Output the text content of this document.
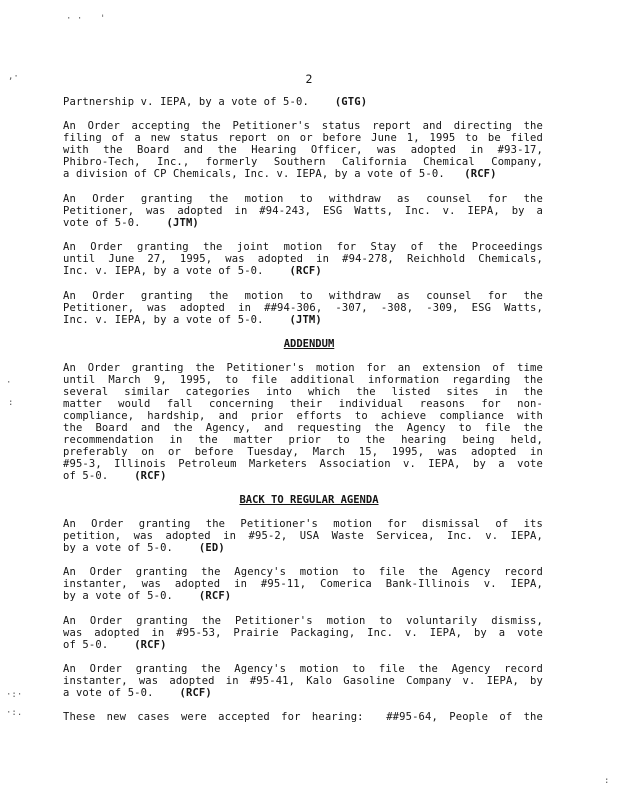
· · '
,·
·
:
·:·
·:.
:
2
Partnership v. IEPA, by a vote of 5-0.    (GTG)
An Order accepting the Petitioner's status report and directing the
filing of a new status report on or before June 1, 1995 to be filed
with the Board and the Hearing Officer, was adopted in #93-17,
Phibro-Tech, Inc., formerly Southern California Chemical Company,
a division of CP Chemicals, Inc. v. IEPA, by a vote of 5-0.   (RCF)
An Order granting the motion to withdraw as counsel for the
Petitioner, was adopted in #94-243, ESG Watts, Inc. v. IEPA, by a
vote of 5-0.    (JTM)
An Order granting the joint motion for Stay of the Proceedings
until June 27, 1995, was adopted in #94-278, Reichhold Chemicals,
Inc. v. IEPA, by a vote of 5-0.    (RCF)
An Order granting the motion to withdraw as counsel for the
Petitioner, was adopted in ##94-306, -307, -308, -309, ESG Watts,
Inc. v. IEPA, by a vote of 5-0.    (JTM)
ADDENDUM
An Order granting the Petitioner's motion for an extension of time
until March 9, 1995, to file additional information regarding the
several similar categories into which the listed sites in the
matter would fall concerning their individual reasons for non-
compliance, hardship, and prior efforts to achieve compliance with
the Board and the Agency, and requesting the Agency to file the
recommendation in the matter prior to the hearing being held,
preferably on or before Tuesday, March 15, 1995, was adopted in
#95-3, Illinois Petroleum Marketers Association v. IEPA, by a vote
of 5-0.    (RCF)
BACK TO REGULAR AGENDA
An Order granting the Petitioner's motion for dismissal of its
petition, was adopted in #95-2, USA Waste Servicea, Inc. v. IEPA,
by a vote of 5-0.    (ED)
An Order granting the Agency's motion to file the Agency record
instanter, was adopted in #95-11, Comerica Bank-Illinois v. IEPA,
by a vote of 5-0.    (RCF)
An Order granting the Petitioner's motion to voluntarily dismiss,
was adopted in #95-53, Prairie Packaging, Inc. v. IEPA, by a vote
of 5-0.    (RCF)
An Order granting the Agency's motion to file the Agency record
instanter, was adopted in #95-41, Kalo Gasoline Company v. IEPA, by
a vote of 5-0.    (RCF)
These new cases were accepted for hearing:  ##95-64, People of the
